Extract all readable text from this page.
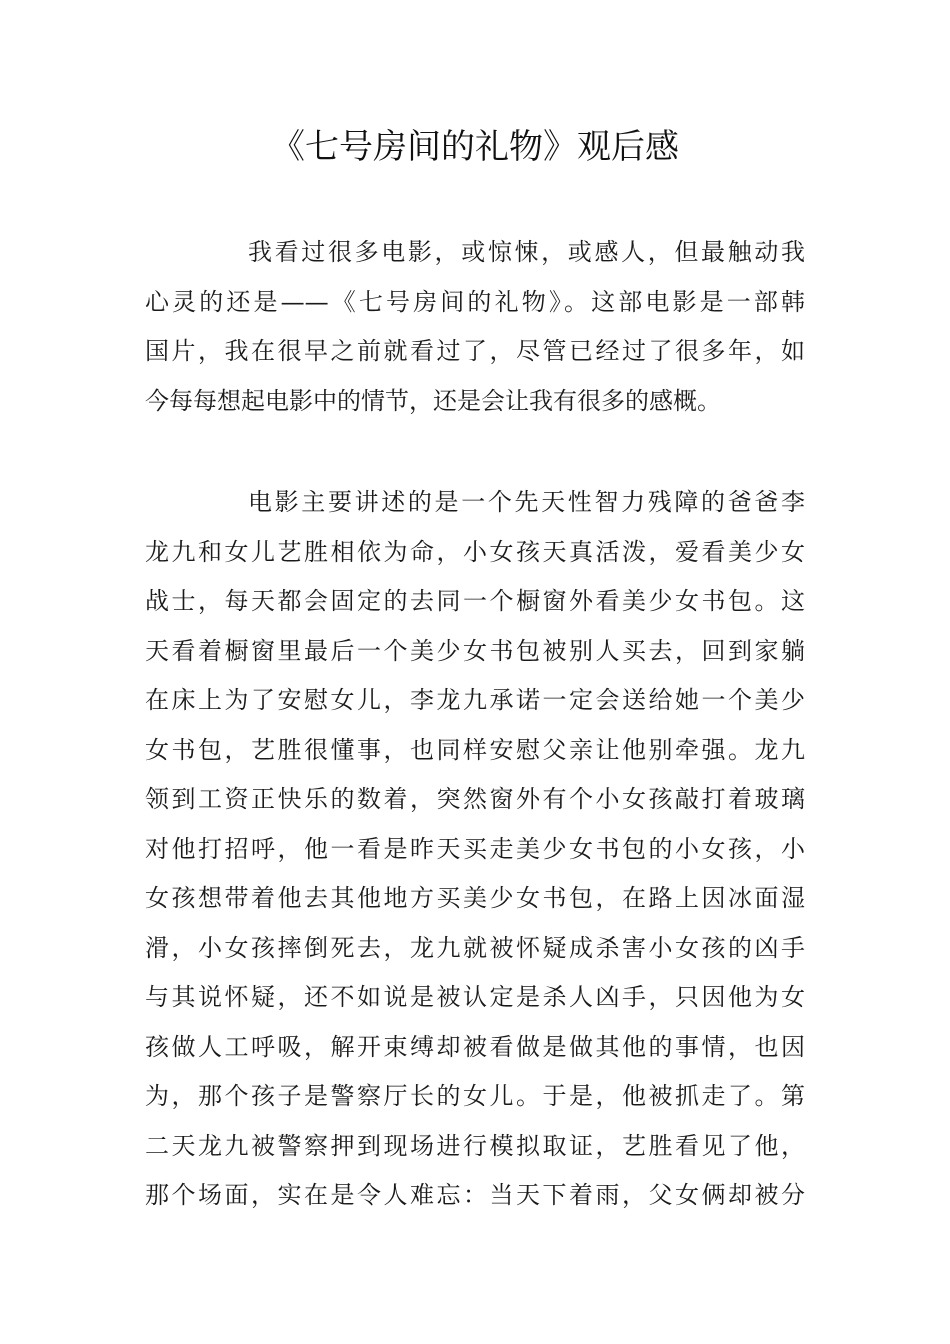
《七号房间的礼物》观后感
我看过很多电影，或惊悚，或感人，但最触动我
心灵的还是——《七号房间的礼物》。这部电影是一部韩
国片，我在很早之前就看过了，尽管已经过了很多年，如
今每每想起电影中的情节，还是会让我有很多的感概。
电影主要讲述的是一个先天性智力残障的爸爸李
龙九和女儿艺胜相依为命，小女孩天真活泼，爱看美少女
战士，每天都会固定的去同一个橱窗外看美少女书包。这
天看着橱窗里最后一个美少女书包被别人买去，回到家躺
在床上为了安慰女儿，李龙九承诺一定会送给她一个美少
女书包，艺胜很懂事，也同样安慰父亲让他别牵强。龙九
领到工资正快乐的数着，突然窗外有个小女孩敲打着玻璃
对他打招呼，他一看是昨天买走美少女书包的小女孩，小
女孩想带着他去其他地方买美少女书包，在路上因冰面湿
滑，小女孩摔倒死去，龙九就被怀疑成杀害小女孩的凶手
与其说怀疑，还不如说是被认定是杀人凶手，只因他为女
孩做人工呼吸，解开束缚却被看做是做其他的事情，也因
为，那个孩子是警察厅长的女儿。于是，他被抓走了。第
二天龙九被警察押到现场进行模拟取证，艺胜看见了他，
那个场面，实在是令人难忘：当天下着雨，父女俩却被分
